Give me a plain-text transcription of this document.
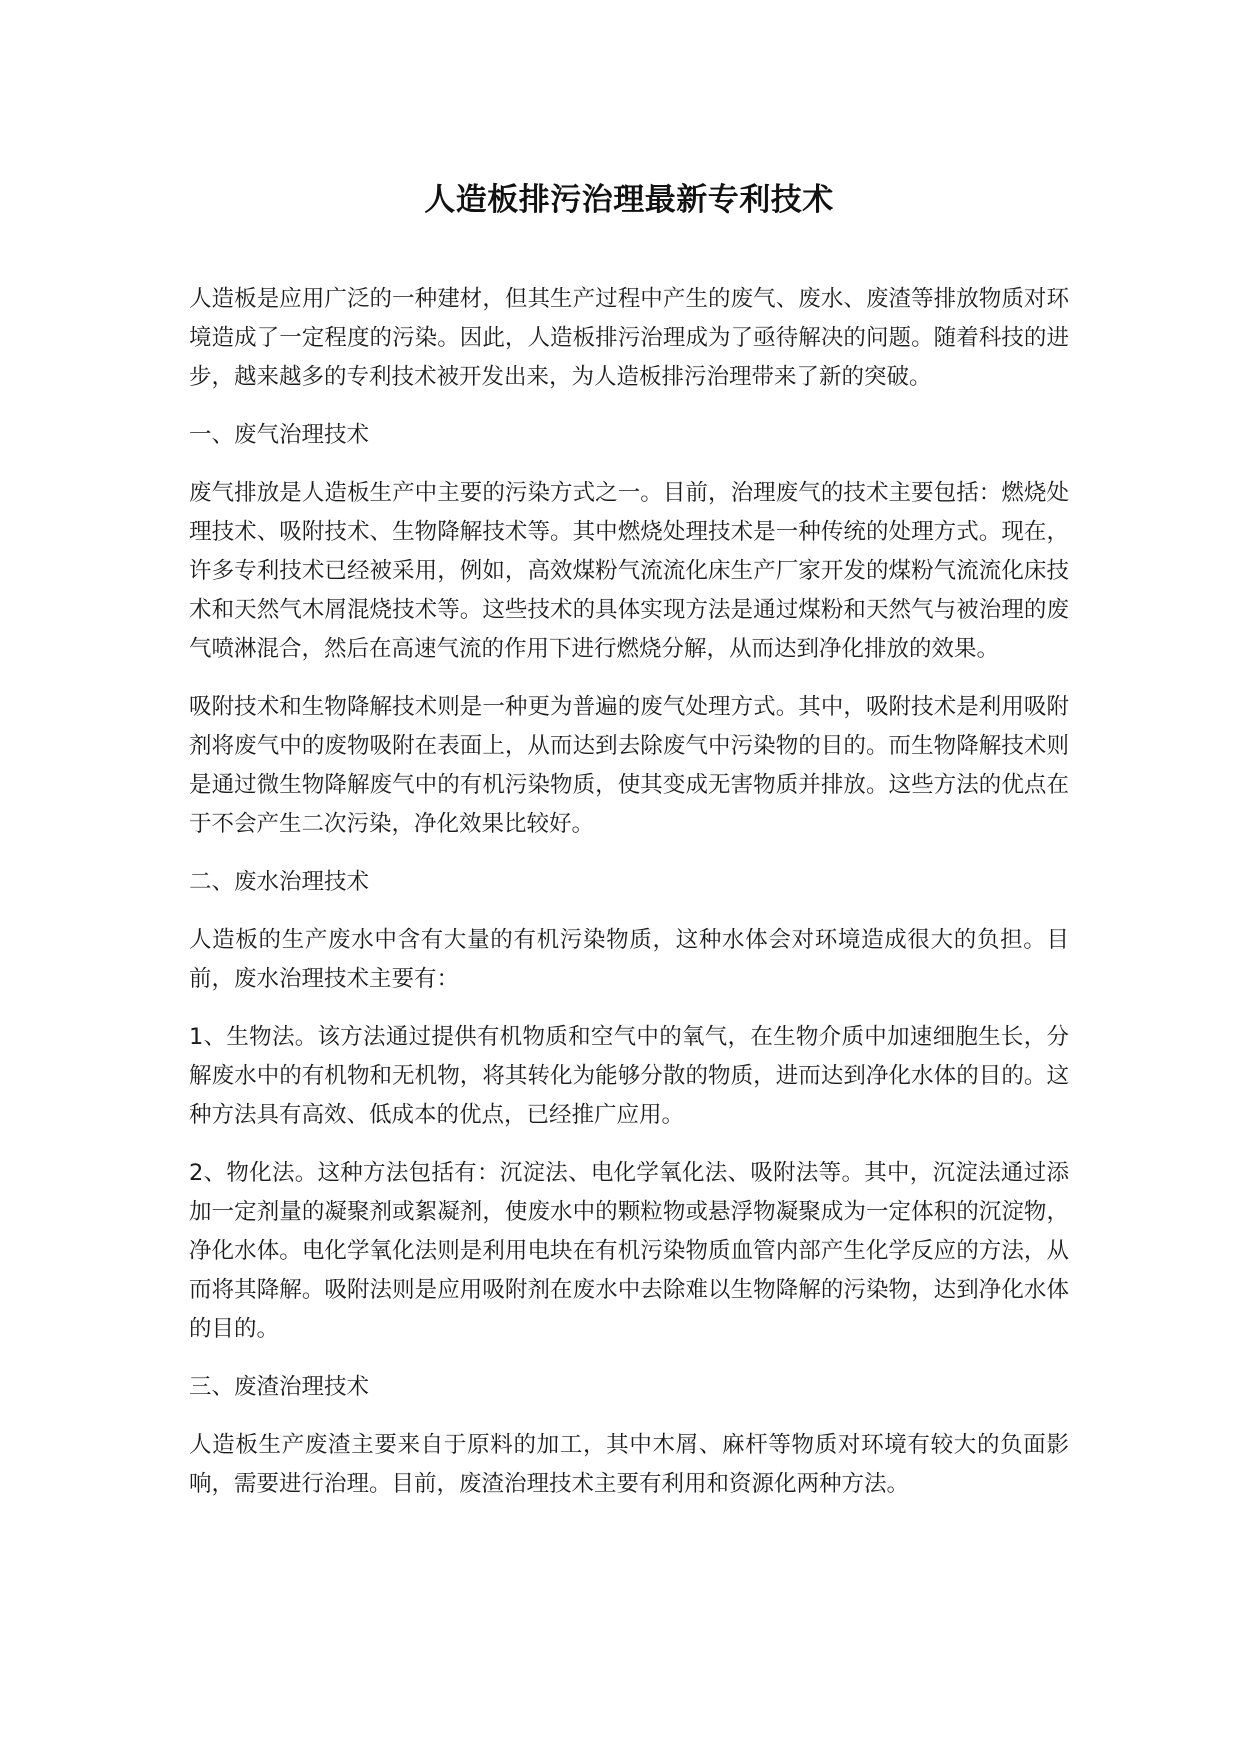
人造板排污治理最新专利技术

人造板是应用广泛的一种建材，但其生产过程中产生的废气、废水、废渣等排放物质对环境造成了一定程度的污染。因此，人造板排污治理成为了亟待解决的问题。随着科技的进步，越来越多的专利技术被开发出来，为人造板排污治理带来了新的突破。

一、废气治理技术

废气排放是人造板生产中主要的污染方式之一。目前，治理废气的技术主要包括：燃烧处理技术、吸附技术、生物降解技术等。其中燃烧处理技术是一种传统的处理方式。现在，许多专利技术已经被采用，例如，高效煤粉气流流化床生产厂家开发的煤粉气流流化床技术和天然气木屑混烧技术等。这些技术的具体实现方法是通过煤粉和天然气与被治理的废气喷淋混合，然后在高速气流的作用下进行燃烧分解，从而达到净化排放的效果。

吸附技术和生物降解技术则是一种更为普遍的废气处理方式。其中，吸附技术是利用吸附剂将废气中的废物吸附在表面上，从而达到去除废气中污染物的目的。而生物降解技术则是通过微生物降解废气中的有机污染物质，使其变成无害物质并排放。这些方法的优点在于不会产生二次污染，净化效果比较好。

二、废水治理技术

人造板的生产废水中含有大量的有机污染物质，这种水体会对环境造成很大的负担。目前，废水治理技术主要有：

1、生物法。该方法通过提供有机物质和空气中的氧气，在生物介质中加速细胞生长，分解废水中的有机物和无机物，将其转化为能够分散的物质，进而达到净化水体的目的。这种方法具有高效、低成本的优点，已经推广应用。

2、物化法。这种方法包括有：沉淀法、电化学氧化法、吸附法等。其中，沉淀法通过添加一定剂量的凝聚剂或絮凝剂，使废水中的颗粒物或悬浮物凝聚成为一定体积的沉淀物，净化水体。电化学氧化法则是利用电块在有机污染物质血管内部产生化学反应的方法，从而将其降解。吸附法则是应用吸附剂在废水中去除难以生物降解的污染物，达到净化水体的目的。

三、废渣治理技术

人造板生产废渣主要来自于原料的加工，其中木屑、麻杆等物质对环境有较大的负面影响，需要进行治理。目前，废渣治理技术主要有利用和资源化两种方法。
